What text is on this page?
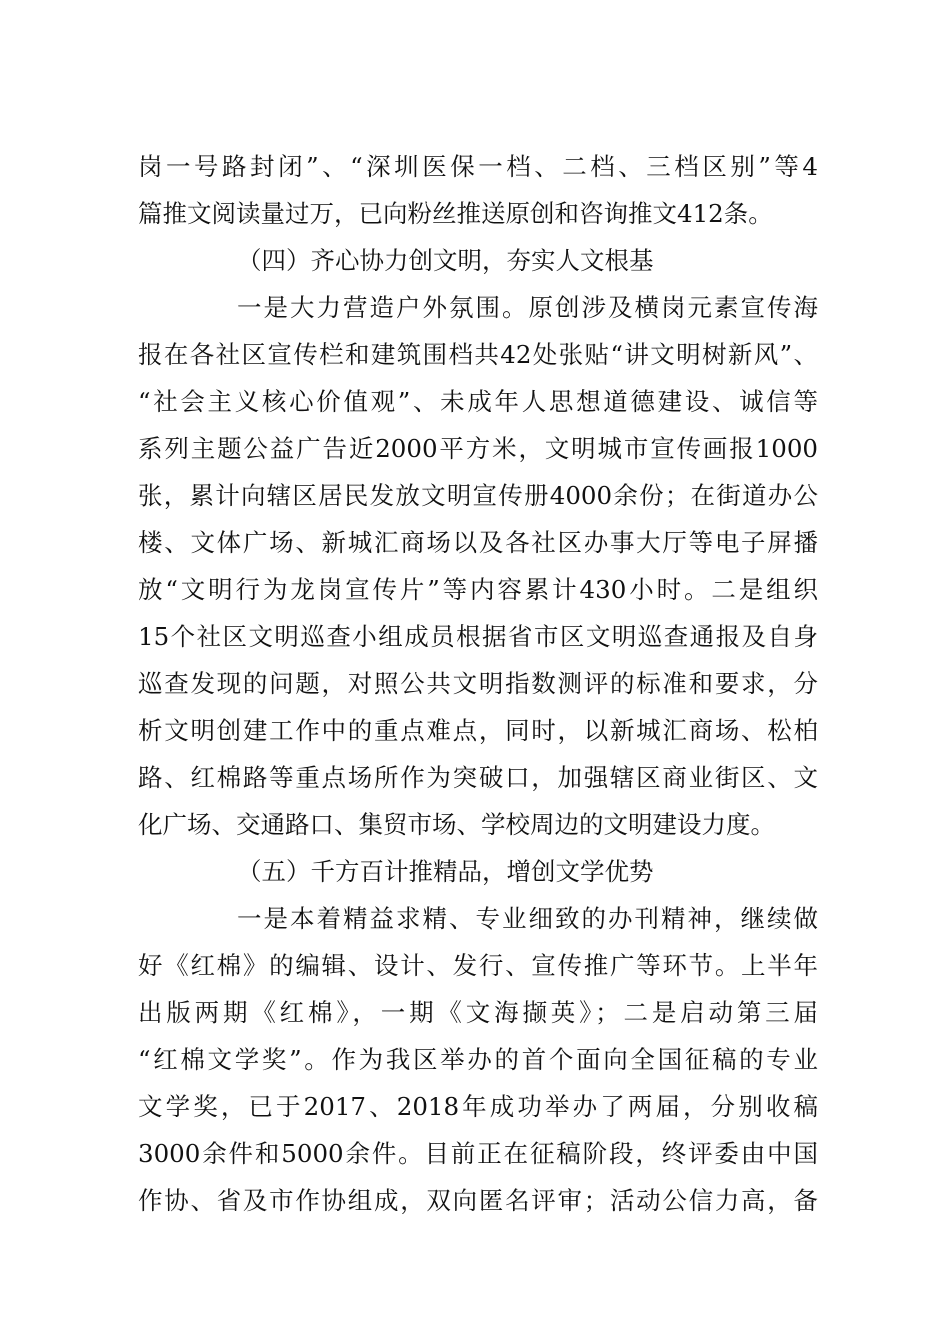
岗一号路封闭”、“深圳医保一档、二档、三档区别”等4
篇推文阅读量过万，已向粉丝推送原创和咨询推文412条。
（四）齐心协力创文明，夯实人文根基
一是大力营造户外氛围。原创涉及横岗元素宣传海
报在各社区宣传栏和建筑围档共42处张贴“讲文明树新风”、
“社会主义核心价值观”、未成年人思想道德建设、诚信等
系列主题公益广告近2000平方米，文明城市宣传画报1000
张，累计向辖区居民发放文明宣传册4000余份；在街道办公
楼、文体广场、新城汇商场以及各社区办事大厅等电子屏播
放“文明行为龙岗宣传片”等内容累计430小时。二是组织
15个社区文明巡查小组成员根据省市区文明巡查通报及自身
巡查发现的问题，对照公共文明指数测评的标准和要求，分
析文明创建工作中的重点难点，同时，以新城汇商场、松柏
路、红棉路等重点场所作为突破口，加强辖区商业街区、文
化广场、交通路口、集贸市场、学校周边的文明建设力度。
（五）千方百计推精品，增创文学优势
一是本着精益求精、专业细致的办刊精神，继续做
好《红棉》的编辑、设计、发行、宣传推广等环节。上半年
出版两期《红棉》，一期《文海撷英》；二是启动第三届
“红棉文学奖”。作为我区举办的首个面向全国征稿的专业
文学奖，已于2017、2018年成功举办了两届，分别收稿
3000余件和5000余件。目前正在征稿阶段，终评委由中国
作协、省及市作协组成，双向匿名评审；活动公信力高，备
